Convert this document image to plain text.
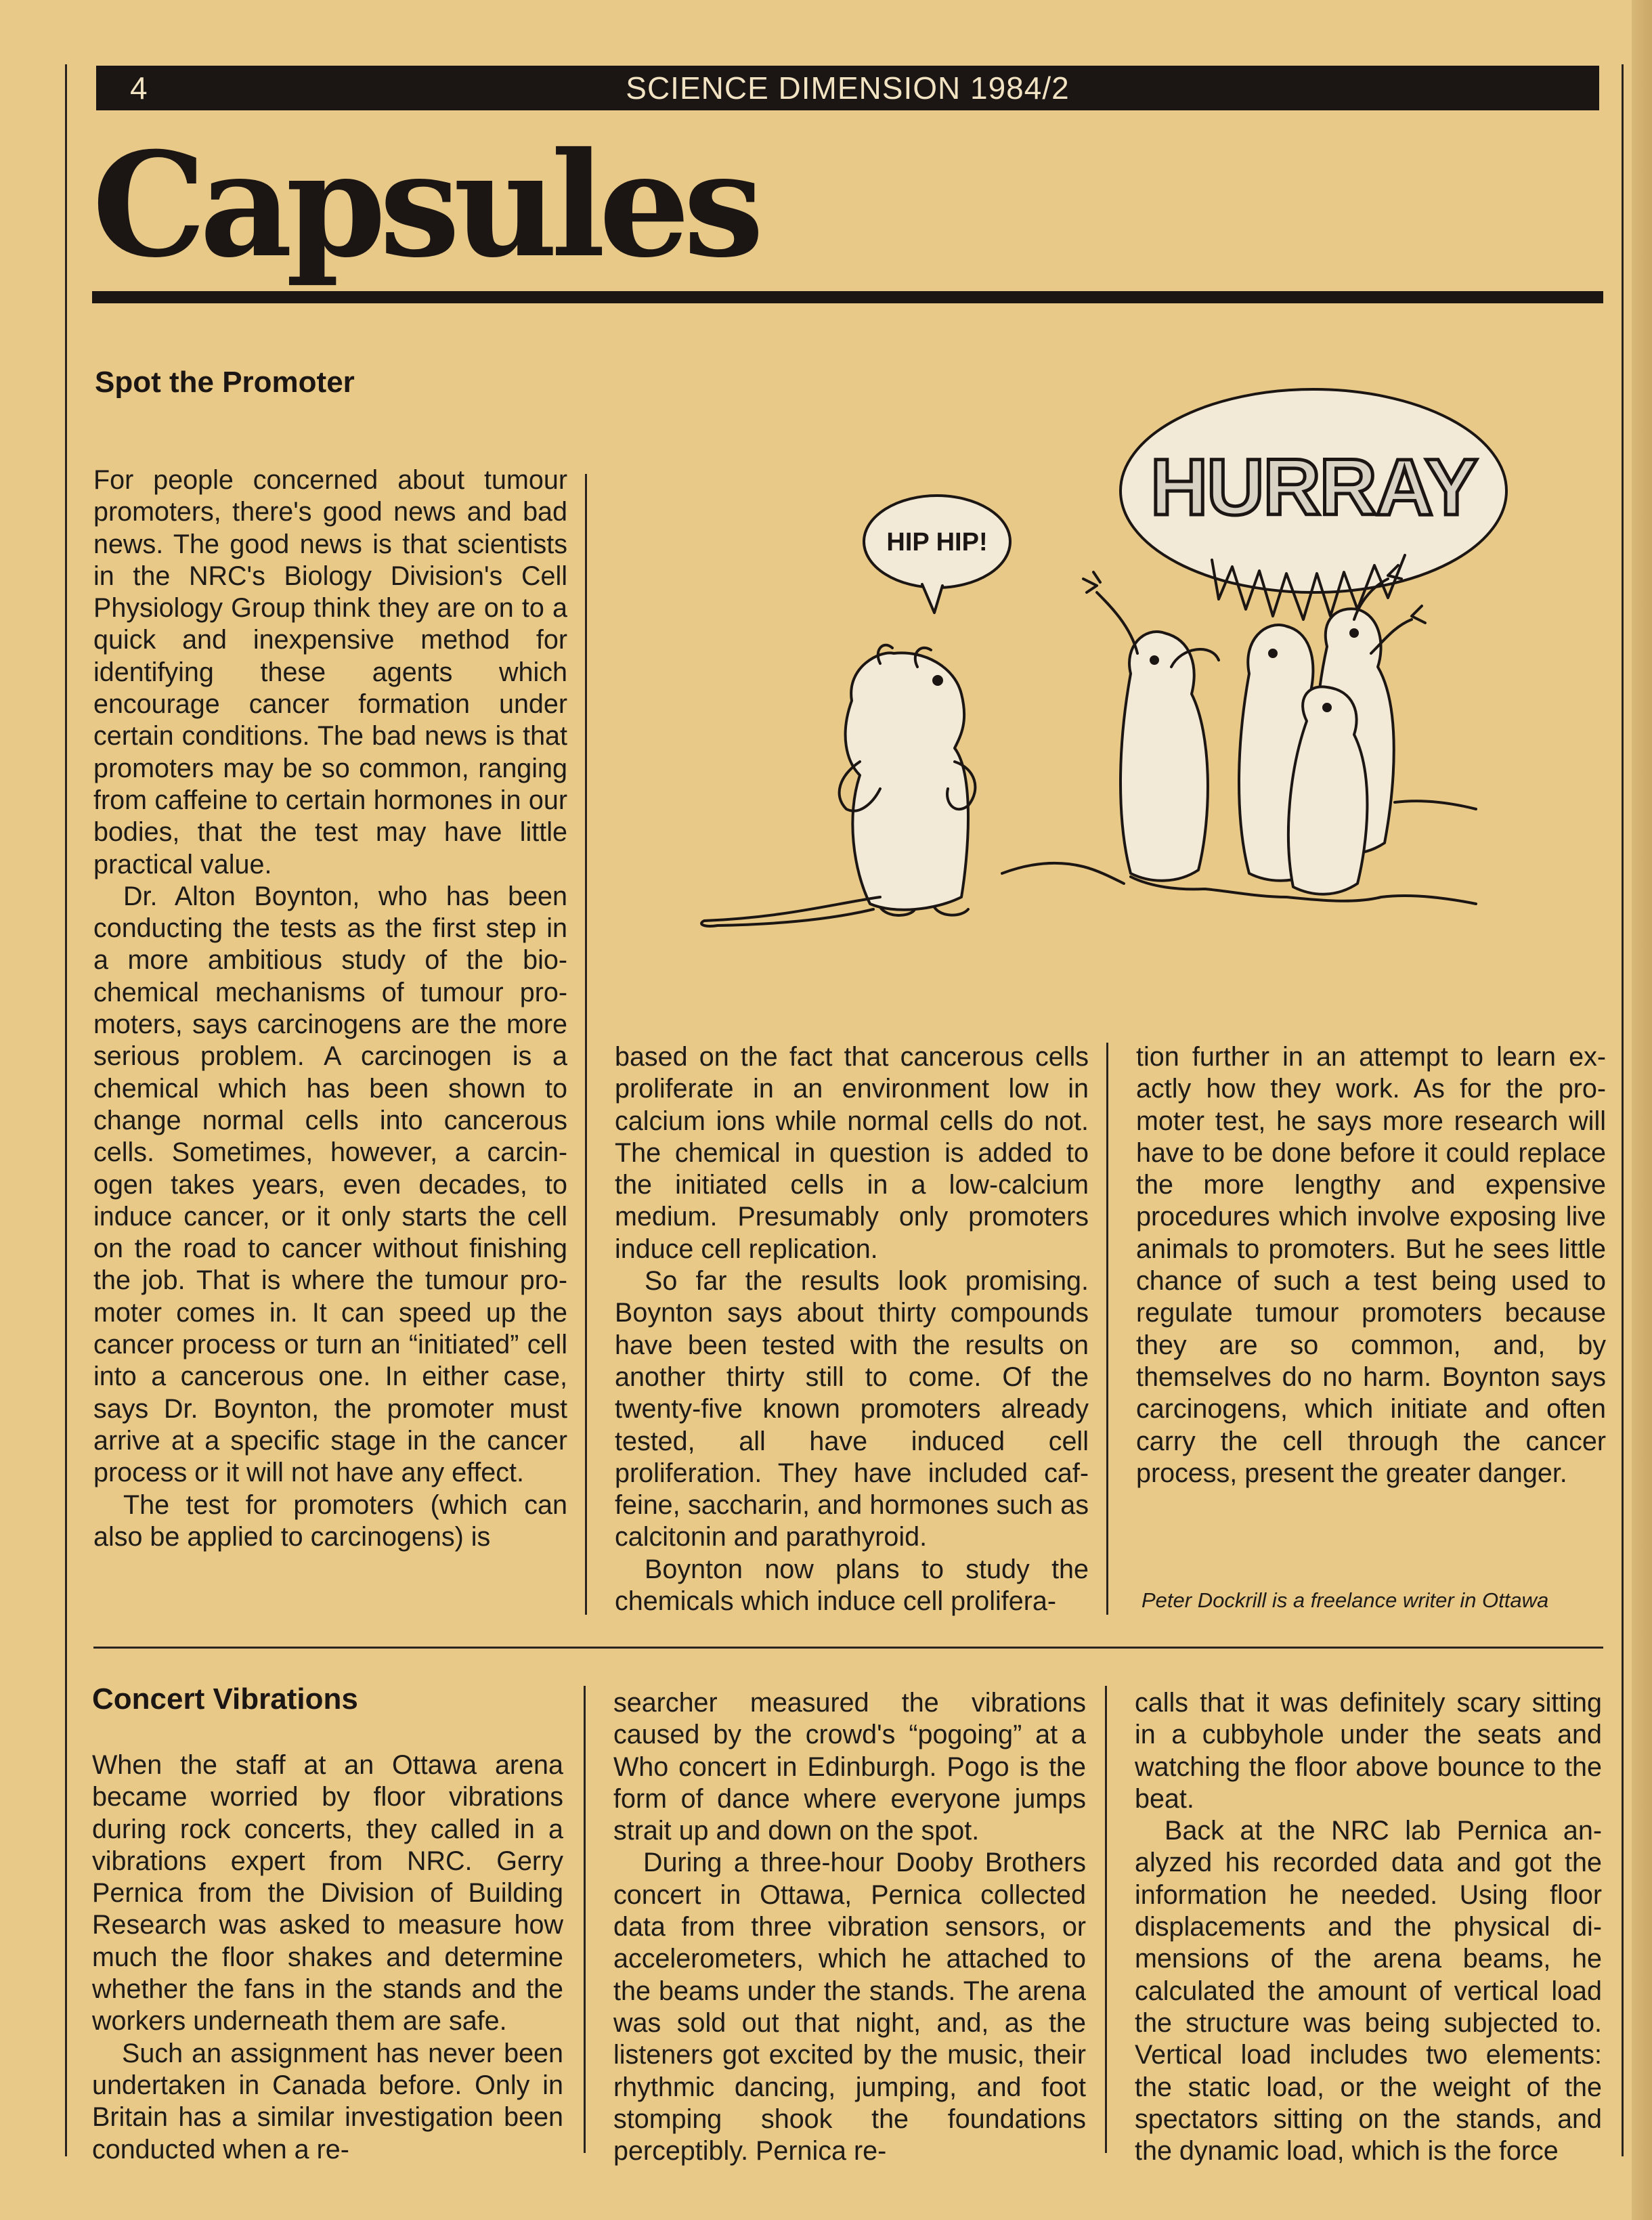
4	SCIENCE DIMENSION 1984/2
Capsules
Spot the Promoter

For people concerned about tumour promoters, there's good news and bad news. The good news is that scientists in the NRC's Biology Division's Cell Physiology Group think they are on to a quick and inexpensive method for identifying these agents which encourage cancer formation under certain conditions. The bad news is that promoters may be so common, ranging from caffeine to certain hormones in our bodies, that the test may have little practical value.

Dr. Alton Boynton, who has been conducting the tests as the first step in a more ambitious study of the biochemical mechanisms of tumour promoters, says carcinogens are the more serious problem. A carcinogen is a chemical which has been shown to change normal cells into cancerous cells. Sometimes, however, a carcinogen takes years, even decades, to induce cancer, or it only starts the cell on the road to cancer without finishing the job. That is where the tumour promoter comes in. It can speed up the cancer process or turn an “initiated” cell into a cancerous one. In either case, says Dr. Boynton, the promoter must arrive at a specific stage in the cancer process or it will not have any effect.

The test for promoters (which can also be applied to carcinogens) is

based on the fact that cancerous cells proliferate in an environment low in calcium ions while normal cells do not. The chemical in question is added to the initiated cells in a low-calcium medium. Presumably only promoters induce cell replication.

So far the results look promising. Boynton says about thirty compounds have been tested with the results on another thirty still to come. Of the twenty-five known promoters already tested, all have induced cell proliferation. They have included caffeine, saccharin, and hormones such as calcitonin and parathyroid.

Boynton now plans to study the chemicals which induce cell prolifera-

tion further in an attempt to learn exactly how they work. As for the promoter test, he says more research will have to be done before it could replace the more lengthy and expensive procedures which involve exposing live animals to promoters. But he sees little chance of such a test being used to regulate tumour promoters because they are so common, and, by themselves do no harm. Boynton says carcinogens, which initiate and often carry the cell through the cancer process, present the greater danger.

Peter Dockrill is a freelance writer in Ottawa
HIP HIP!
HURRAY
Concert Vibrations

When the staff at an Ottawa arena became worried by floor vibrations during rock concerts, they called in a vibrations expert from NRC. Gerry Pernica from the Division of Building Research was asked to measure how much the floor shakes and determine whether the fans in the stands and the workers underneath them are safe.

Such an assignment has never been undertaken in Canada before. Only in Britain has a similar investigation been conducted when a re-

searcher measured the vibrations caused by the crowd's “pogoing” at a Who concert in Edinburgh. Pogo is the form of dance where everyone jumps strait up and down on the spot.

During a three-hour Dooby Brothers concert in Ottawa, Pernica collected data from three vibration sensors, or accelerometers, which he attached to the beams under the stands. The arena was sold out that night, and, as the listeners got excited by the music, their rhythmic dancing, jumping, and foot stomping shook the foundations perceptibly. Pernica re-

calls that it was definitely scary sitting in a cubbyhole under the seats and watching the floor above bounce to the beat.

Back at the NRC lab Pernica analyzed his recorded data and got the information he needed. Using floor displacements and the physical dimensions of the arena beams, he calculated the amount of vertical load the structure was being subjected to. Vertical load includes two elements: the static load, or the weight of the spectators sitting on the stands, and the dynamic load, which is the force
